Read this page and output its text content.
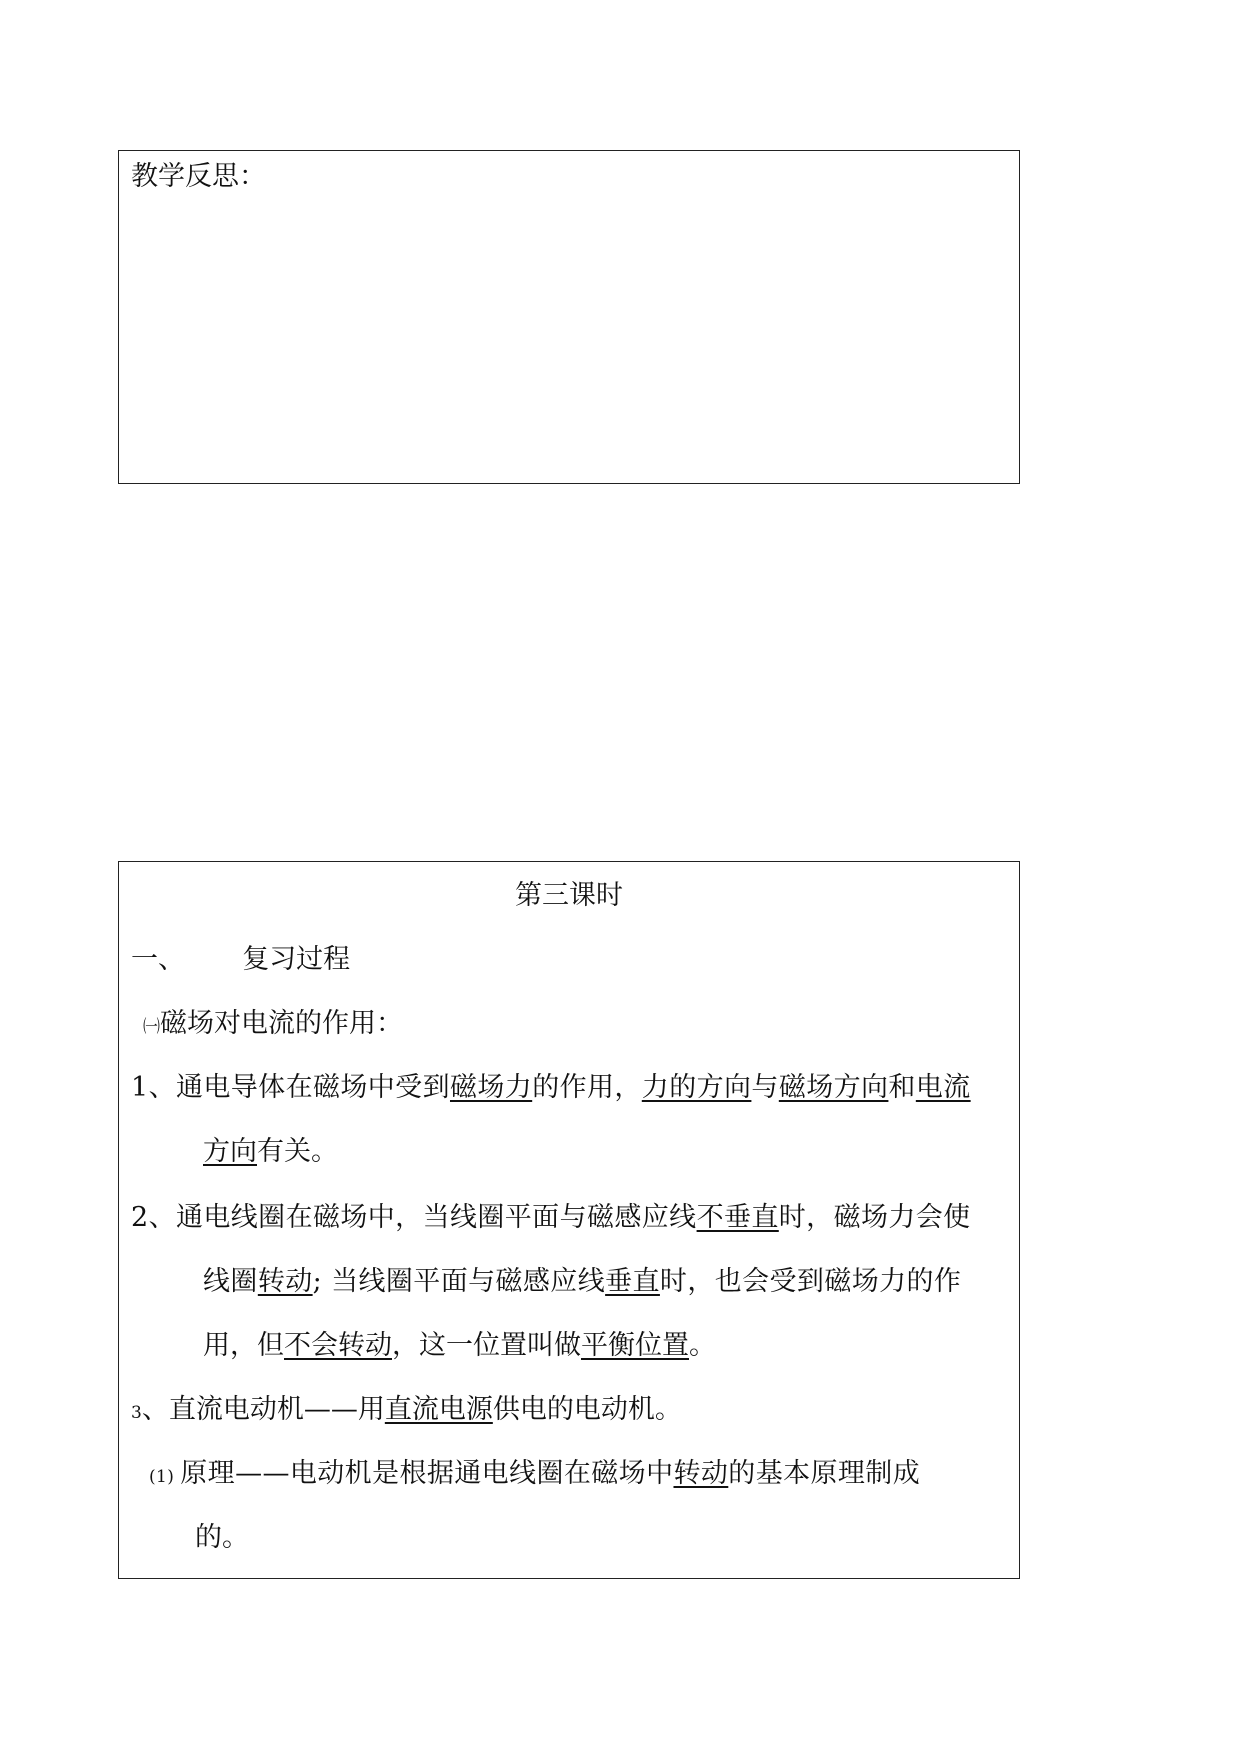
教学反思：
第三课时
一、 复习过程
㈠磁场对电流的作用：
1、通电导体在磁场中受到磁场力的作用，力的方向与磁场方向和电流
方向有关。
2、通电线圈在磁场中，当线圈平面与磁感应线不垂直时，磁场力会使
线圈转动; 当线圈平面与磁感应线垂直时，也会受到磁场力的作
用，但不会转动，这一位置叫做平衡位置。
3、直流电动机——用直流电源供电的电动机。
(1) 原理——电动机是根据通电线圈在磁场中转动的基本原理制成
的。
